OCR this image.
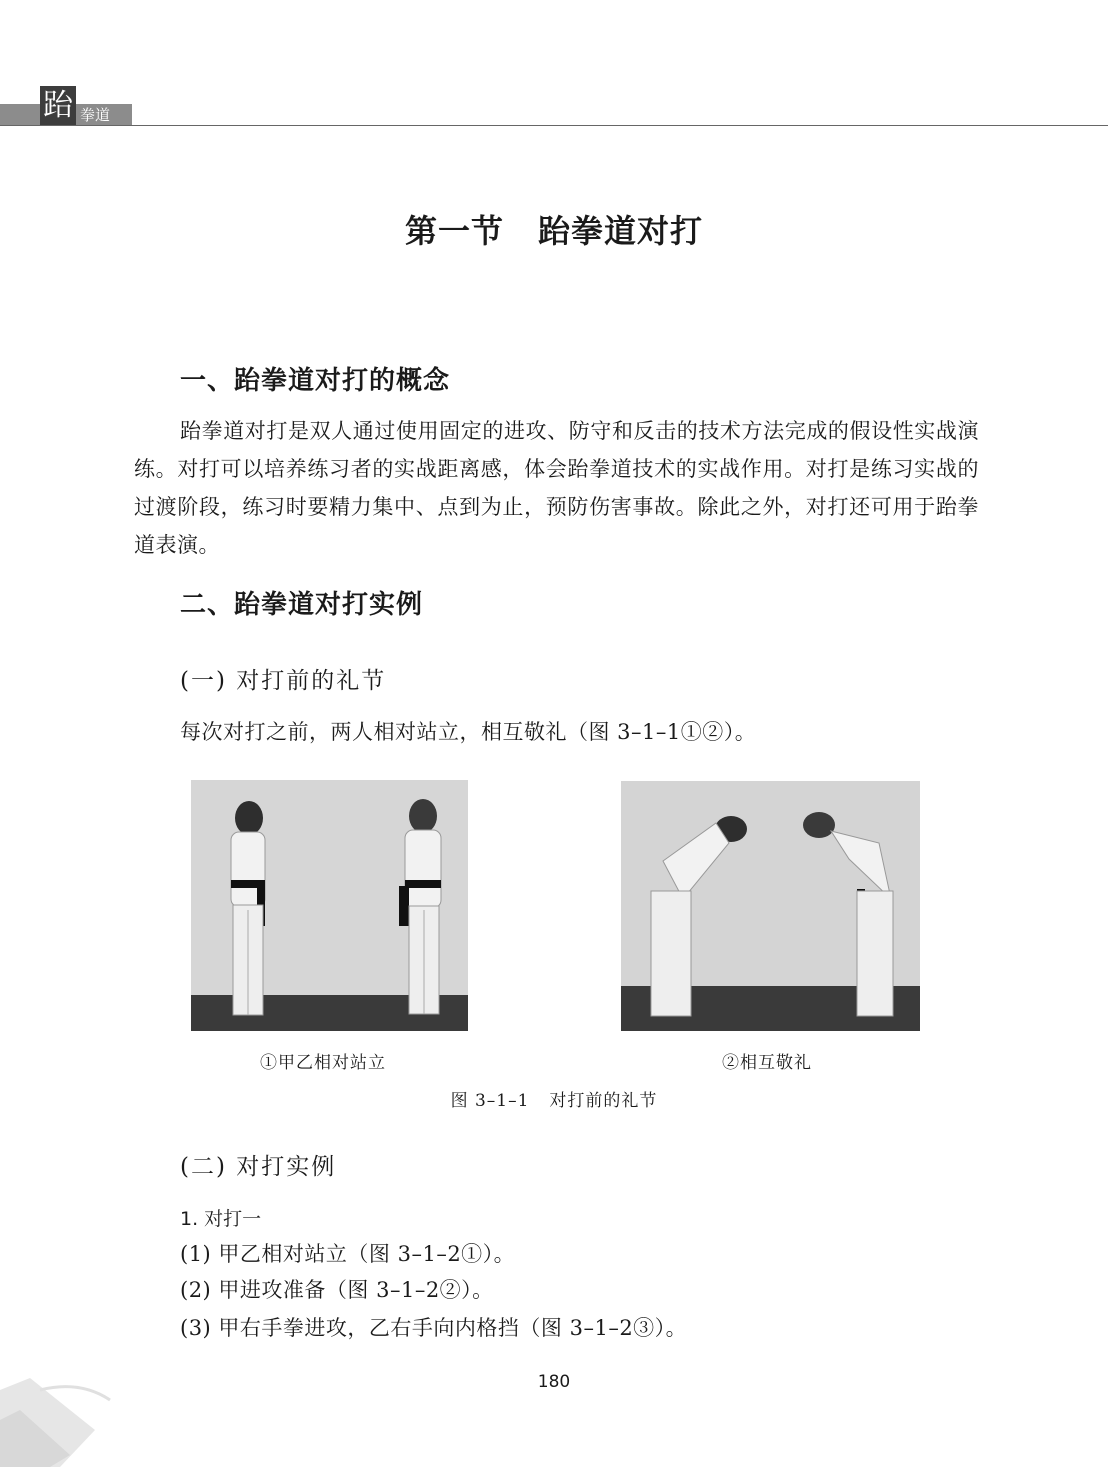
跆 拳道
第一节 跆拳道对打
一、跆拳道对打的概念
跆拳道对打是双人通过使用固定的进攻、防守和反击的技术方法完成的假设性实战演练。对打可以培养练习者的实战距离感，体会跆拳道技术的实战作用。对打是练习实战的过渡阶段，练习时要精力集中、点到为止，预防伤害事故。除此之外，对打还可用于跆拳道表演。
二、跆拳道对打实例
(一) 对打前的礼节
每次对打之前，两人相对站立，相互敬礼（图 3–1–1①②）。
①甲乙相对站立	②相互敬礼
图 3–1–1 对打前的礼节
(二) 对打实例
1. 对打一
(1) 甲乙相对站立（图 3–1–2①）。
(2) 甲进攻准备（图 3–1–2②）。
(3) 甲右手拳进攻，乙右手向内格挡（图 3–1–2③）。
180
